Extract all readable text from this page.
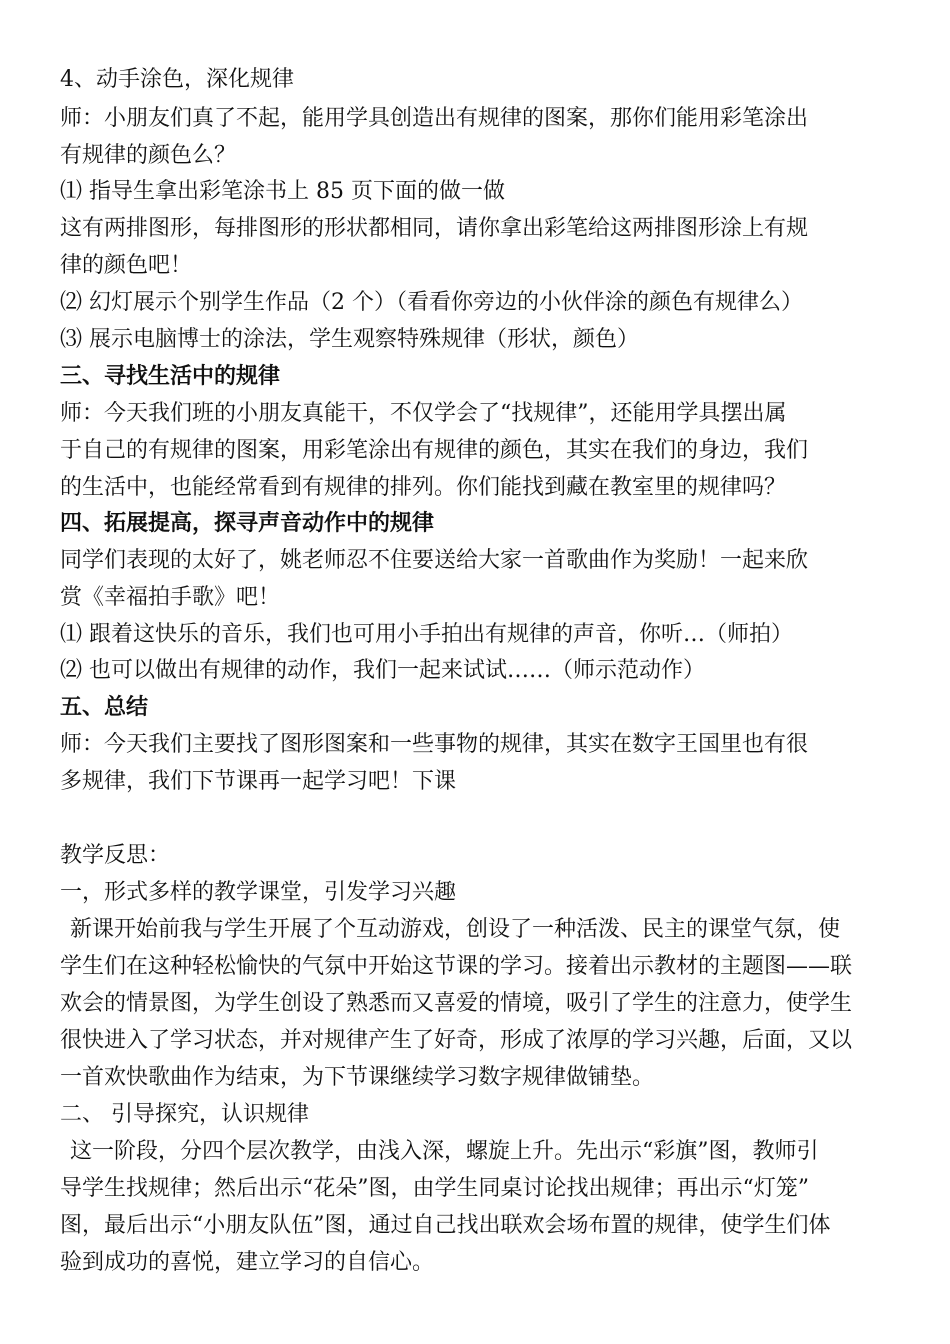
4、动手涂色，深化规律
师：小朋友们真了不起，能用学具创造出有规律的图案，那你们能用彩笔涂出
有规律的颜色么？
⑴ 指导生拿出彩笔涂书上 85 页下面的做一做
这有两排图形，每排图形的形状都相同，请你拿出彩笔给这两排图形涂上有规
律的颜色吧！
⑵ 幻灯展示个别学生作品（2 个）（看看你旁边的小伙伴涂的颜色有规律么）
⑶ 展示电脑博士的涂法，学生观察特殊规律（形状，颜色）
三、寻找生活中的规律
师：今天我们班的小朋友真能干，不仅学会了“找规律”，还能用学具摆出属
于自己的有规律的图案，用彩笔涂出有规律的颜色，其实在我们的身边，我们
的生活中，也能经常看到有规律的排列。你们能找到藏在教室里的规律吗？
四、拓展提高，探寻声音动作中的规律
同学们表现的太好了，姚老师忍不住要送给大家一首歌曲作为奖励！一起来欣
赏《幸福拍手歌》吧！
⑴ 跟着这快乐的音乐，我们也可用小手拍出有规律的声音，你听…（师拍）
⑵ 也可以做出有规律的动作，我们一起来试试……（师示范动作）
五、总结
师：今天我们主要找了图形图案和一些事物的规律，其实在数字王国里也有很
多规律，我们下节课再一起学习吧！下课
教学反思：
一，形式多样的教学课堂，引发学习兴趣
新课开始前我与学生开展了个互动游戏，创设了一种活泼、民主的课堂气氛，使
学生们在这种轻松愉快的气氛中开始这节课的学习。接着出示教材的主题图——联
欢会的情景图，为学生创设了熟悉而又喜爱的情境，吸引了学生的注意力，使学生
很快进入了学习状态，并对规律产生了好奇，形成了浓厚的学习兴趣，后面，又以
一首欢快歌曲作为结束，为下节课继续学习数字规律做铺垫。
二、 引导探究，认识规律
这一阶段，分四个层次教学，由浅入深，螺旋上升。先出示“彩旗”图，教师引
导学生找规律；然后出示“花朵”图，由学生同桌讨论找出规律；再出示“灯笼”
图，最后出示“小朋友队伍”图，通过自己找出联欢会场布置的规律，使学生们体
验到成功的喜悦，建立学习的自信心。
